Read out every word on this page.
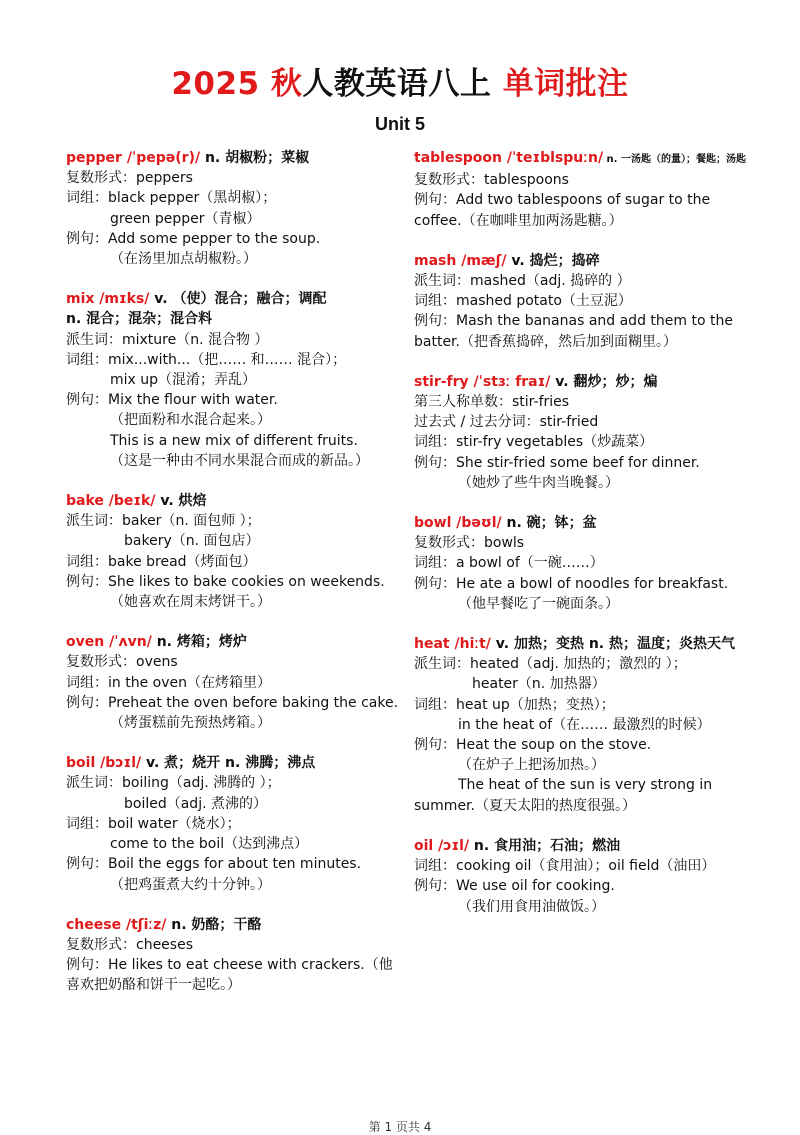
2025 秋人教英语八上 单词批注
Unit 5
pepper /ˈpepə(r)/ n. 胡椒粉；菜椒
复数形式：peppers
词组：black pepper（黑胡椒）；
green pepper（青椒）
例句：Add some pepper to the soup.
（在汤里加点胡椒粉。）
mix /mɪks/ v. （使）混合；融合；调配
n. 混合；混杂；混合料
派生词：mixture（n. 混合物 ）
词组：mix...with...（把…… 和…… 混合）；
mix up（混淆；弄乱）
例句：Mix the flour with water.
（把面粉和水混合起来。）
This is a new mix of different fruits.
（这是一种由不同水果混合而成的新品。）
bake /beɪk/ v. 烘焙
派生词：baker（n. 面包师 ）；
bakery（n. 面包店）
词组：bake bread（烤面包）
例句：She likes to bake cookies on weekends.
（她喜欢在周末烤饼干。）
oven /ˈʌvn/ n. 烤箱；烤炉
复数形式：ovens
词组：in the oven（在烤箱里）
例句：Preheat the oven before baking the cake.
（烤蛋糕前先预热烤箱。）
boil /bɔɪl/ v. 煮；烧开 n. 沸腾；沸点
派生词：boiling（adj. 沸腾的 ）；
boiled（adj. 煮沸的）
词组：boil water（烧水）；
come to the boil（达到沸点）
例句：Boil the eggs for about ten minutes.
（把鸡蛋煮大约十分钟。）
cheese /tʃiːz/ n. 奶酪；干酪
复数形式：cheeses
例句：He likes to eat cheese with crackers.（他喜欢把奶酪和饼干一起吃。）
tablespoon /ˈteɪblspuːn/ n. 一汤匙（的量）；餐匙；汤匙
复数形式：tablespoons
例句：Add two tablespoons of sugar to the coffee.（在咖啡里加两汤匙糖。）
mash /mæʃ/ v. 捣烂；捣碎
派生词：mashed（adj. 捣碎的 ）
词组：mashed potato（土豆泥）
例句：Mash the bananas and add them to the batter.（把香蕉捣碎，然后加到面糊里。）
stir-fry /ˈstɜː fraɪ/ v. 翻炒；炒；煸
第三人称单数：stir-fries
过去式 / 过去分词：stir-fried
词组：stir-fry vegetables（炒蔬菜）
例句：She stir-fried some beef for dinner.
（她炒了些牛肉当晚餐。）
bowl /bəʊl/ n. 碗；钵；盆
复数形式：bowls
词组：a bowl of（一碗……）
例句：He ate a bowl of noodles for breakfast.
（他早餐吃了一碗面条。）
heat /hiːt/ v. 加热；变热 n. 热；温度；炎热天气
派生词：heated（adj. 加热的；激烈的 ）；
heater（n. 加热器）
词组：heat up（加热；变热）；
in the heat of（在…… 最激烈的时候）
例句：Heat the soup on the stove.
（在炉子上把汤加热。）
The heat of the sun is very strong in
summer.（夏天太阳的热度很强。）
oil /ɔɪl/ n. 食用油；石油；燃油
词组：cooking oil（食用油）；oil field（油田）
例句：We use oil for cooking.
（我们用食用油做饭。）
第 1 页共 4
